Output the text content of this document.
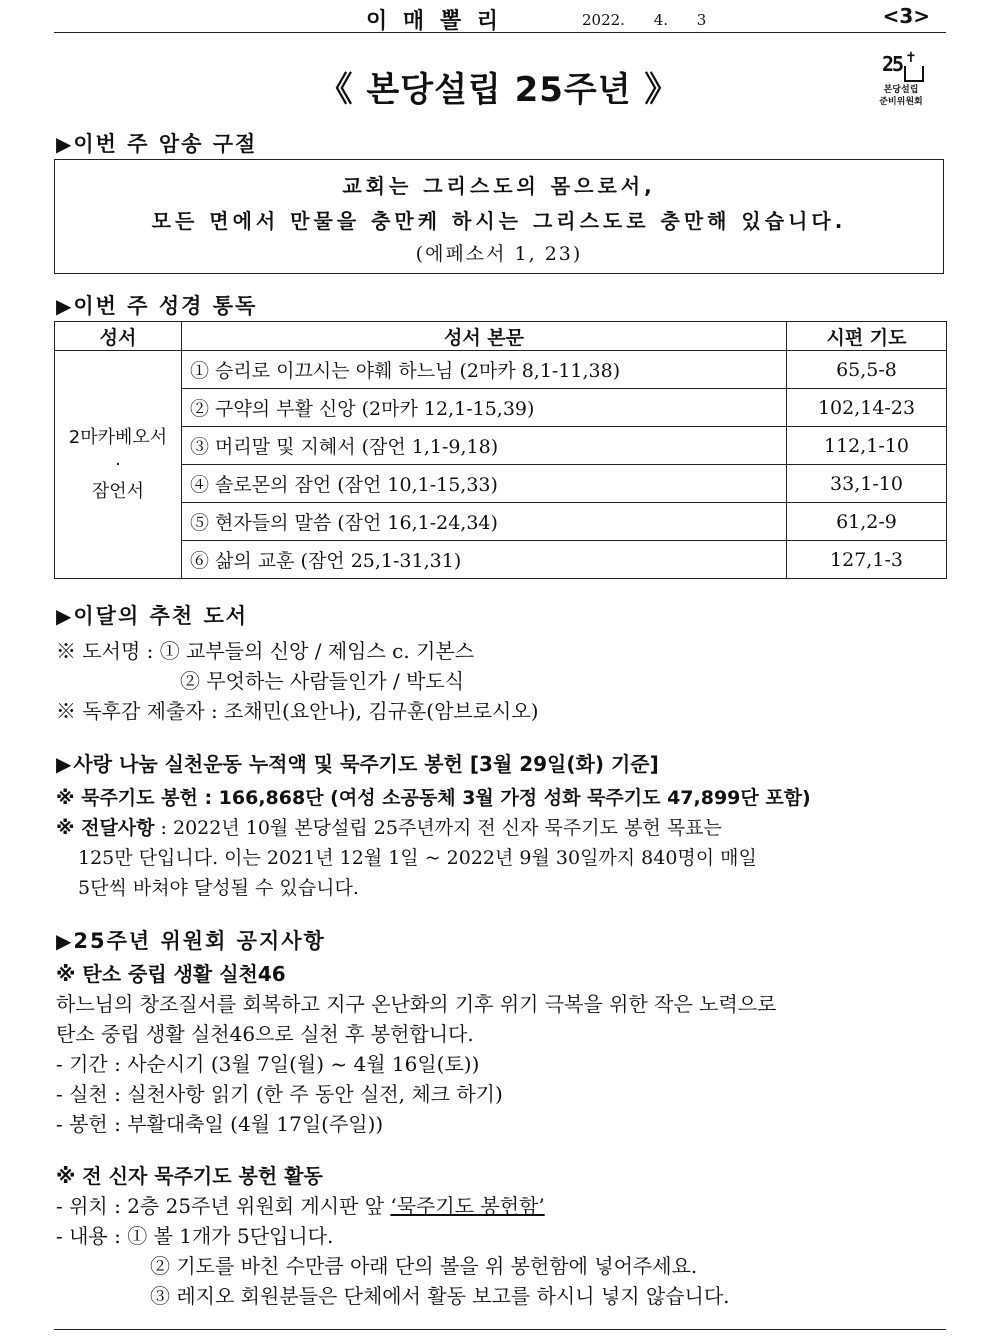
이 매 뽈 리	2022. 4. 3	<3>
《 본당설립 25주년 》
25 ✝
본당설립
준비위원회
▶이번 주 암송 구절
교회는 그리스도의 몸으로서,
모든 면에서 만물을 충만케 하시는 그리스도로 충만해 있습니다.
(에페소서 1, 23)
▶이번 주 성경 통독
성서	성서 본문	시편 기도

2마카베오서
·
잠언서	① 승리로 이끄시는 야훼 하느님 (2마카 8,1-11,38)	65,5-8
	② 구약의 부활 신앙 (2마카 12,1-15,39)	102,14-23
	③ 머리말 및 지혜서 (잠언 1,1-9,18)	112,1-10
	④ 솔로몬의 잠언 (잠언 10,1-15,33)	33,1-10
	⑤ 현자들의 말씀 (잠언 16,1-24,34)	61,2-9
	⑥ 삶의 교훈 (잠언 25,1-31,31)	127,1-3
▶이달의 추천 도서
※ 도서명 : ① 교부들의 신앙 / 제임스 c. 기본스
② 무엇하는 사람들인가 / 박도식
※ 독후감 제출자 : 조채민(요안나), 김규훈(암브로시오)
▶ 사랑 나눔 실천운동 누적액 및 묵주기도 봉헌 [3월 29일(화) 기준]
※ 묵주기도 봉헌 : 166,868단 (여성 소공동체 3월 가정 성화 묵주기도 47,899단 포함)
※ 전달사항 : 2022년 10월 본당설립 25주년까지 전 신자 묵주기도 봉헌 목표는
125만 단입니다. 이는 2021년 12월 1일 ~ 2022년 9월 30일까지 840명이 매일
5단씩 바쳐야 달성될 수 있습니다.
▶25주년 위원회 공지사항
※ 탄소 중립 생활 실천46
하느님의 창조질서를 회복하고 지구 온난화의 기후 위기 극복을 위한 작은 노력으로
탄소 중립 생활 실천46으로 실천 후 봉헌합니다.
- 기간 : 사순시기 (3월 7일(월) ~ 4월 16일(토))
- 실천 : 실천사항 읽기 (한 주 동안 실전, 체크 하기)
- 봉헌 : 부활대축일 (4월 17일(주일))
※ 전 신자 묵주기도 봉헌 활동
- 위치 : 2층 25주년 위원회 게시판 앞 ‘묵주기도 봉헌함’
- 내용 : ① 볼 1개가 5단입니다.
② 기도를 바친 수만큼 아래 단의 볼을 위 봉헌함에 넣어주세요.
③ 레지오 회원분들은 단체에서 활동 보고를 하시니 넣지 않습니다.
